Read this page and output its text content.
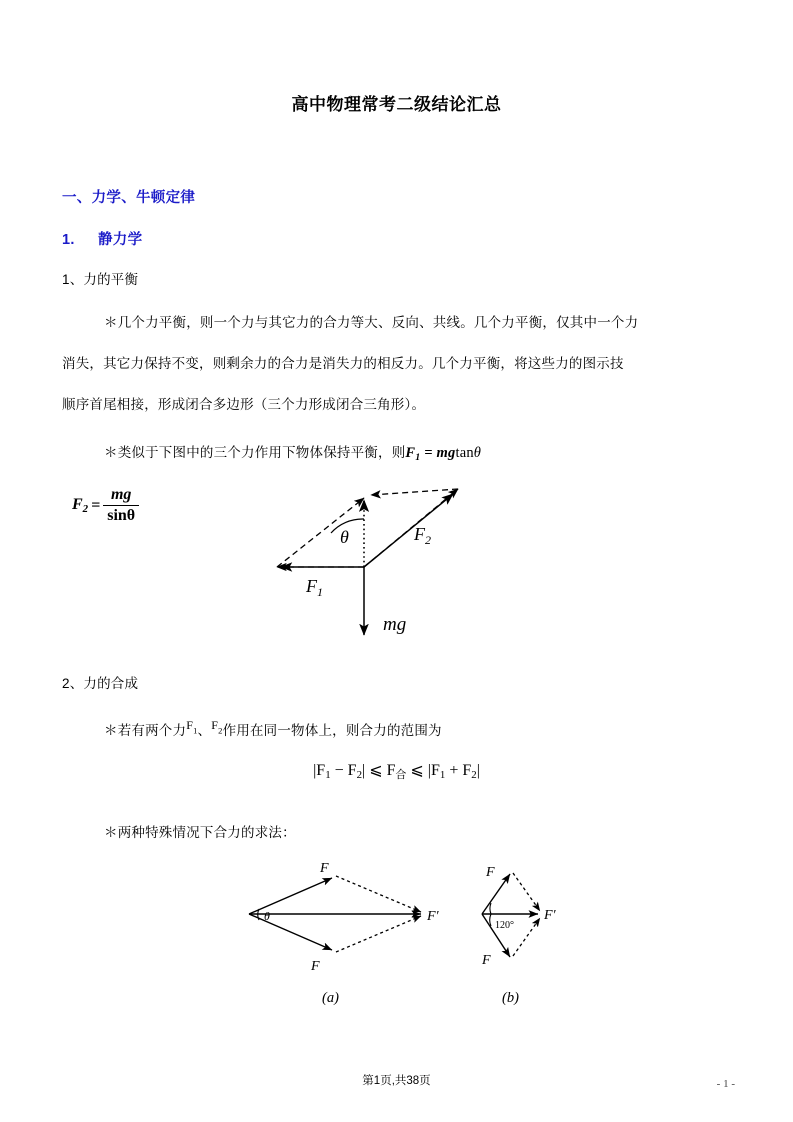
高中物理常考二级结论汇总
一、力学、牛顿定律
1. 静力学
1、力的平衡
＊几个力平衡，则一个力与其它力的合力等大、反向、共线。几个力平衡，仅其中一个力
消失，其它力保持不变，则剩余力的合力是消失力的相反力。几个力平衡，将这些力的图示技
顺序首尾相接，形成闭合多边形（三个力形成闭合三角形）。
＊类似于下图中的三个力作用下物体保持平衡，则$F_1 = mgtan\theta$
$F_2 = \frac{mg}{\sin\theta}$
θ
$F_1$
$F_2$
mg
2、力的合成
＊若有两个力F1、F2作用在同一物体上，则合力的范围为
$|F_1 - F_2|$ ⩽ $F_合$ ⩽ $|F_1 + F_2|$
＊两种特殊情况下合力的求法：
θ
F
F
F′
120°
F
F
F′
(a)	(b)
第1页,共38页	- 1 -
